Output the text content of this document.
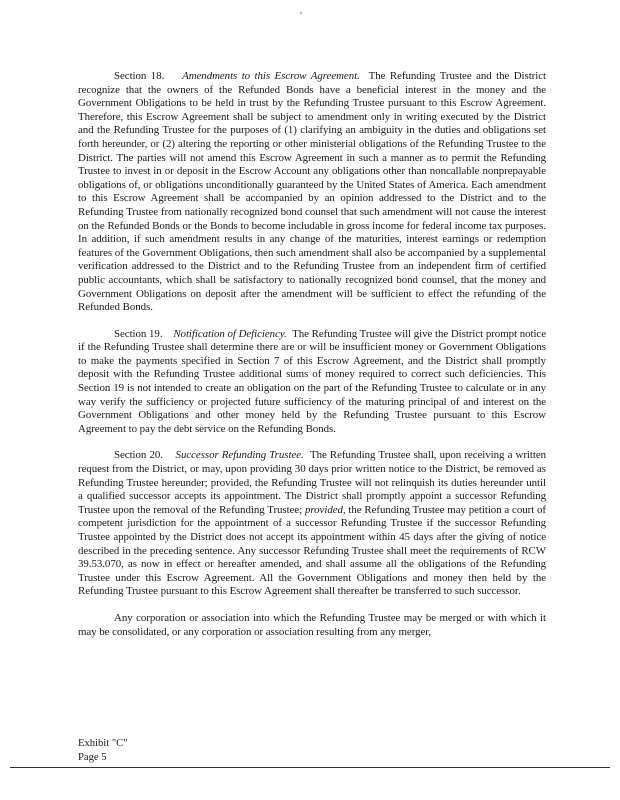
'

Section 18. Amendments to this Escrow Agreement. The Refunding Trustee and the District recognize that the owners of the Refunded Bonds have a beneficial interest in the money and the Government Obligations to be held in trust by the Refunding Trustee pursuant to this Escrow Agreement. Therefore, this Escrow Agreement shall be subject to amendment only in writing executed by the District and the Refunding Trustee for the purposes of (1) clarifying an ambiguity in the duties and obligations set forth hereunder, or (2) altering the reporting or other ministerial obligations of the Refunding Trustee to the District. The parties will not amend this Escrow Agreement in such a manner as to permit the Refunding Trustee to invest in or deposit in the Escrow Account any obligations other than noncallable nonprepayable obligations of, or obligations unconditionally guaranteed by the United States of America. Each amendment to this Escrow Agreement shall be accompanied by an opinion addressed to the District and to the Refunding Trustee from nationally recognized bond counsel that such amendment will not cause the interest on the Refunded Bonds or the Bonds to become includable in gross income for federal income tax purposes. In addition, if such amendment results in any change of the maturities, interest earnings or redemption features of the Government Obligations, then such amendment shall also be accompanied by a supplemental verification addressed to the District and to the Refunding Trustee from an independent firm of certified public accountants, which shall be satisfactory to nationally recognized bond counsel, that the money and Government Obligations on deposit after the amendment will be sufficient to effect the refunding of the Refunded Bonds.

Section 19. Notification of Deficiency. The Refunding Trustee will give the District prompt notice if the Refunding Trustee shall determine there are or will be insufficient money or Government Obligations to make the payments specified in Section 7 of this Escrow Agreement, and the District shall promptly deposit with the Refunding Trustee additional sums of money required to correct such deficiencies. This Section 19 is not intended to create an obligation on the part of the Refunding Trustee to calculate or in any way verify the sufficiency or projected future sufficiency of the maturing principal of and interest on the Government Obligations and other money held by the Refunding Trustee pursuant to this Escrow Agreement to pay the debt service on the Refunding Bonds.

Section 20. Successor Refunding Trustee. The Refunding Trustee shall, upon receiving a written request from the District, or may, upon providing 30 days prior written notice to the District, be removed as Refunding Trustee hereunder; provided, the Refunding Trustee will not relinquish its duties hereunder until a qualified successor accepts its appointment. The District shall promptly appoint a successor Refunding Trustee upon the removal of the Refunding Trustee; provided, the Refunding Trustee may petition a court of competent jurisdiction for the appointment of a successor Refunding Trustee if the successor Refunding Trustee appointed by the District does not accept its appointment within 45 days after the giving of notice described in the preceding sentence. Any successor Refunding Trustee shall meet the requirements of RCW 39.53.070, as now in effect or hereafter amended, and shall assume all the obligations of the Refunding Trustee under this Escrow Agreement. All the Government Obligations and money then held by the Refunding Trustee pursuant to this Escrow Agreement shall thereafter be transferred to such successor.

Any corporation or association into which the Refunding Trustee may be merged or with which it may be consolidated, or any corporation or association resulting from any merger,

Exhibit "C"
Page 5
